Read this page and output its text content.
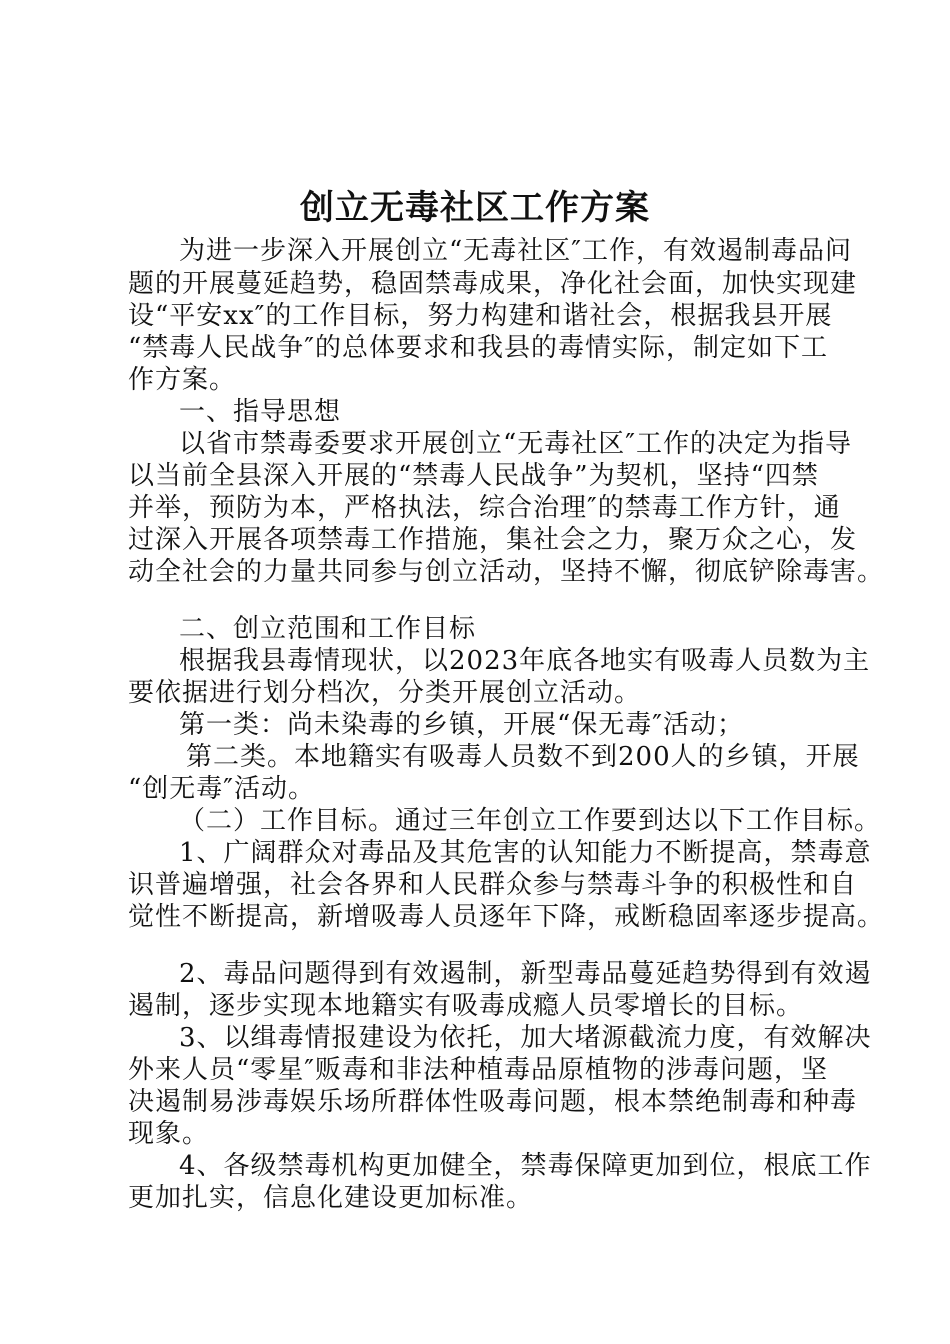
创立无毒社区工作方案
为进一步深入开展创立“无毒社区″工作，有效遏制毒品问
题的开展蔓延趋势，稳固禁毒成果，净化社会面，加快实现建
设“平安xx″的工作目标，努力构建和谐社会，根据我县开展
“禁毒人民战争″的总体要求和我县的毒情实际，制定如下工
作方案。
一、指导思想
以省市禁毒委要求开展创立“无毒社区″工作的决定为指导
以当前全县深入开展的“禁毒人民战争”为契机，坚持“四禁
并举，预防为本，严格执法，综合治理″的禁毒工作方针，通
过深入开展各项禁毒工作措施，集社会之力，聚万众之心，发
动全社会的力量共同参与创立活动，坚持不懈，彻底铲除毒害。
二、创立范围和工作目标
根据我县毒情现状，以2023年底各地实有吸毒人员数为主
要依据进行划分档次，分类开展创立活动。
第一类：尚未染毒的乡镇，开展“保无毒″活动；
第二类。本地籍实有吸毒人员数不到200人的乡镇，开展
“创无毒″活动。
（二）工作目标。通过三年创立工作要到达以下工作目标。
1、广阔群众对毒品及其危害的认知能力不断提高，禁毒意
识普遍增强，社会各界和人民群众参与禁毒斗争的积极性和自
觉性不断提高，新增吸毒人员逐年下降，戒断稳固率逐步提高。
2、毒品问题得到有效遏制，新型毒品蔓延趋势得到有效遏
遏制，逐步实现本地籍实有吸毒成瘾人员零增长的目标。
3、以缉毒情报建设为依托，加大堵源截流力度，有效解决
外来人员“零星″贩毒和非法种植毒品原植物的涉毒问题，坚
决遏制易涉毒娱乐场所群体性吸毒问题，根本禁绝制毒和种毒
现象。
4、各级禁毒机构更加健全，禁毒保障更加到位，根底工作
更加扎实，信息化建设更加标准。
